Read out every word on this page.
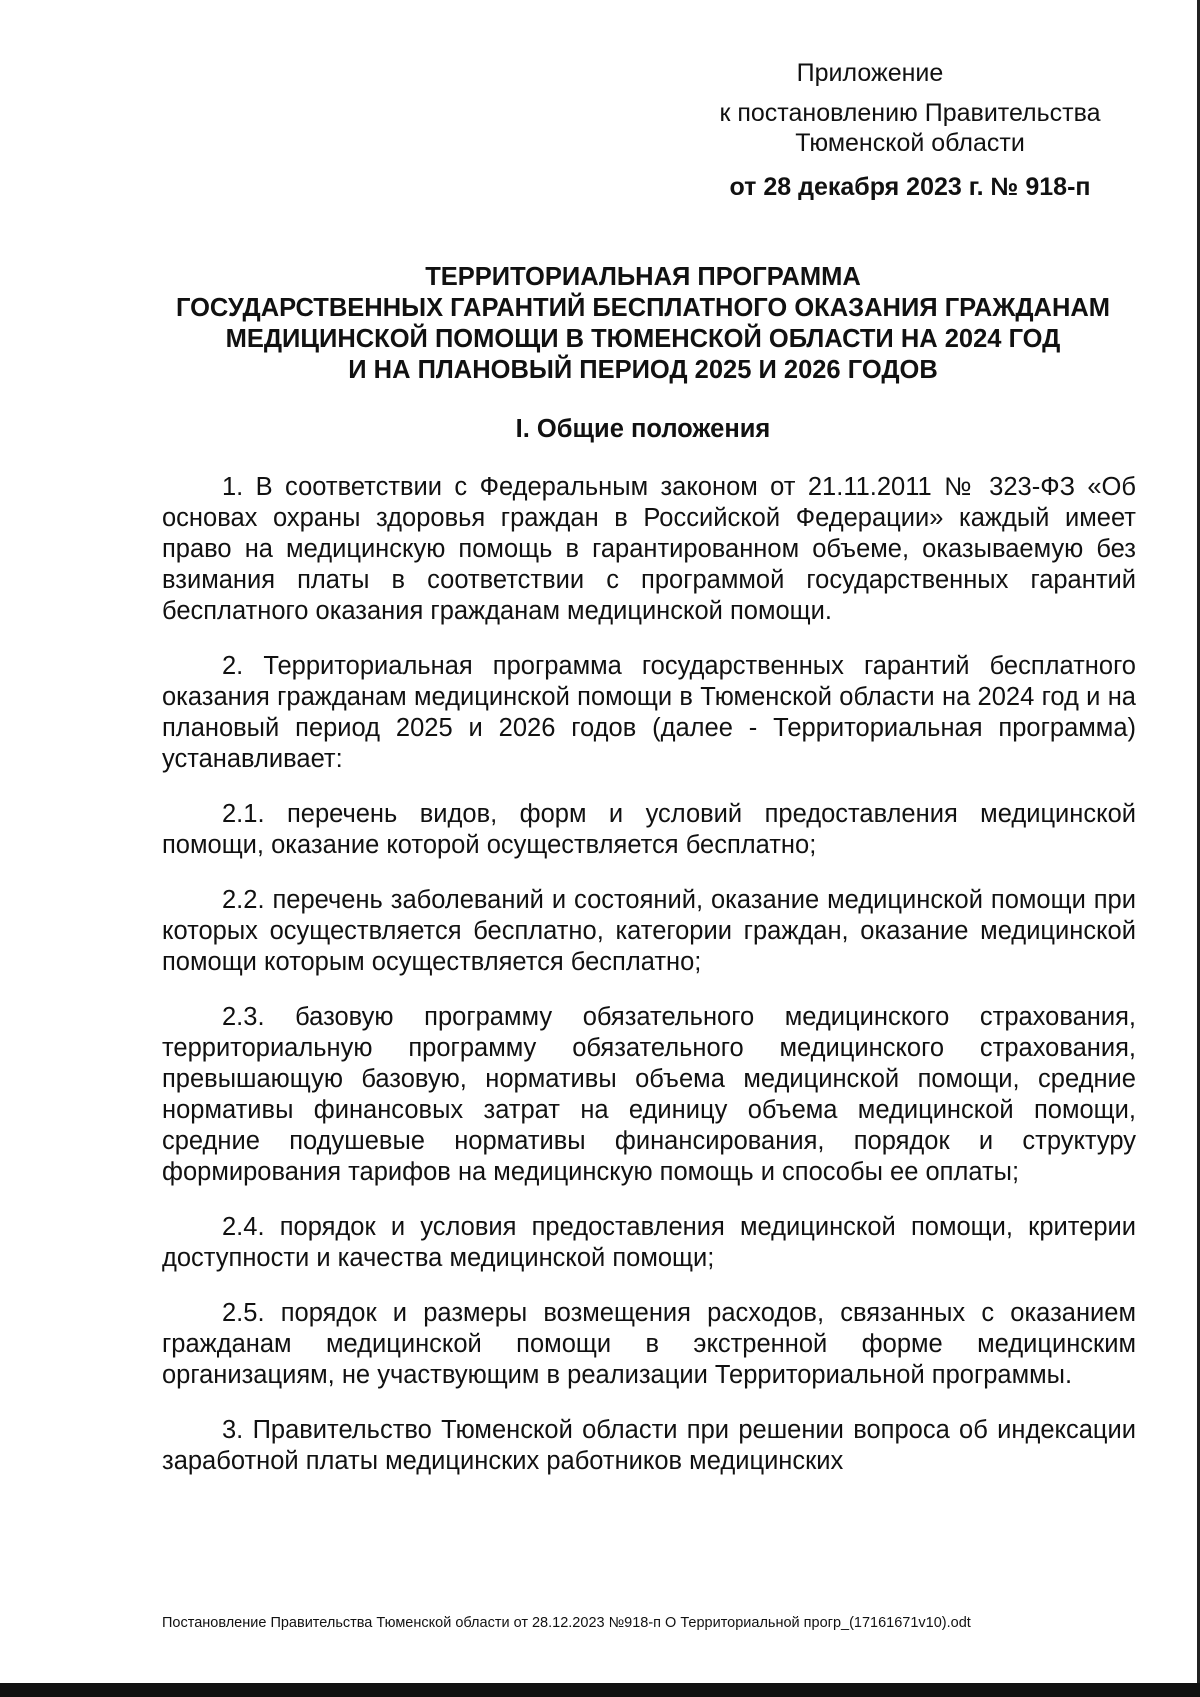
Приложение
к постановлению Правительства
Тюменской области
от 28 декабря 2023 г. № 918-п
ТЕРРИТОРИАЛЬНАЯ ПРОГРАММА
ГОСУДАРСТВЕННЫХ ГАРАНТИЙ БЕСПЛАТНОГО ОКАЗАНИЯ ГРАЖДАНАМ
МЕДИЦИНСКОЙ ПОМОЩИ В ТЮМЕНСКОЙ ОБЛАСТИ НА 2024 ГОД
И НА ПЛАНОВЫЙ ПЕРИОД 2025 И 2026 ГОДОВ
I. Общие положения

1. В соответствии с Федеральным законом от 21.11.2011 № 323-ФЗ «Об основах охраны здоровья граждан в Российской Федерации» каждый имеет право на медицинскую помощь в гарантированном объеме, оказываемую без взимания платы в соответствии с программой государственных гарантий бесплатного оказания гражданам медицинской помощи.

2. Территориальная программа государственных гарантий бесплатного оказания гражданам медицинской помощи в Тюменской области на 2024 год и на плановый период 2025 и 2026 годов (далее - Территориальная программа) устанавливает:

2.1. перечень видов, форм и условий предоставления медицинской помощи, оказание которой осуществляется бесплатно;

2.2. перечень заболеваний и состояний, оказание медицинской помощи при которых осуществляется бесплатно, категории граждан, оказание медицинской помощи которым осуществляется бесплатно;

2.3. базовую программу обязательного медицинского страхования, территориальную программу обязательного медицинского страхования, превышающую базовую, нормативы объема медицинской помощи, средние нормативы финансовых затрат на единицу объема медицинской помощи, средние подушевые нормативы финансирования, порядок и структуру формирования тарифов на медицинскую помощь и способы ее оплаты;

2.4. порядок и условия предоставления медицинской помощи, критерии доступности и качества медицинской помощи;

2.5. порядок и размеры возмещения расходов, связанных с оказанием гражданам медицинской помощи в экстренной форме медицинским организациям, не участвующим в реализации Территориальной программы.

3. Правительство Тюменской области при решении вопроса об индексации заработной платы медицинских работников медицинских

Постановление Правительства Тюменской области от 28.12.2023 №918-п О Территориальной прогр_(17161671v10).odt
